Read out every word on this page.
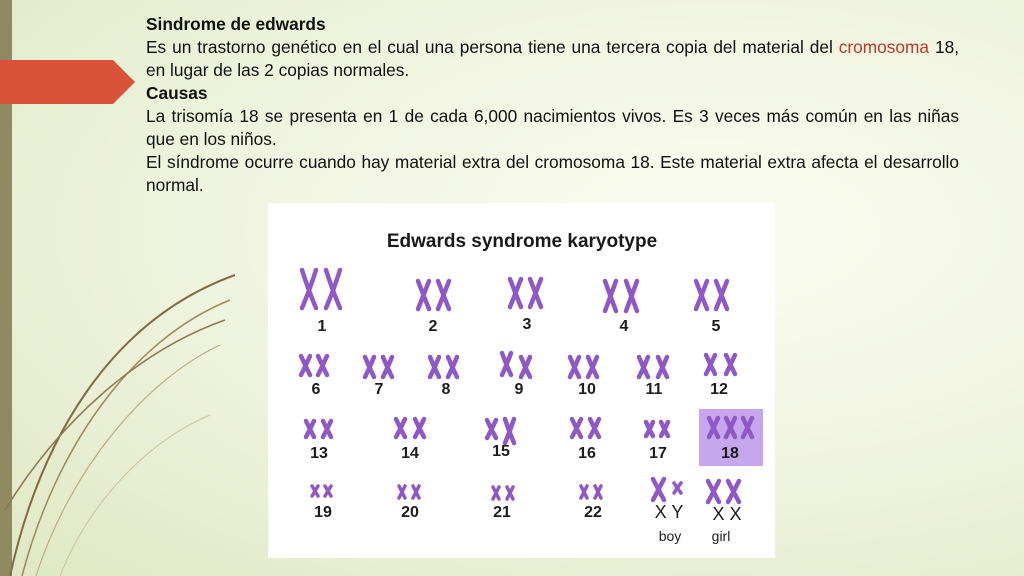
Sindrome de edwards

Es un trastorno genético en el cual una persona tiene una tercera copia del material del cromosoma 18, en lugar de las 2 copias normales.

Causas

La trisomía 18 se presenta en 1 de cada 6,000 nacimientos vivos. Es 3 veces más común en las niñas que en los niños.

El síndrome ocurre cuando hay material extra del cromosoma 18. Este material extra afecta el desarrollo normal.

Edwards syndrome karyotype
1	2	3	4	5
6	7	8	9	10	11	12
13	14	15	16	17	18
19	20	21	22	X Y X X
boy girl
